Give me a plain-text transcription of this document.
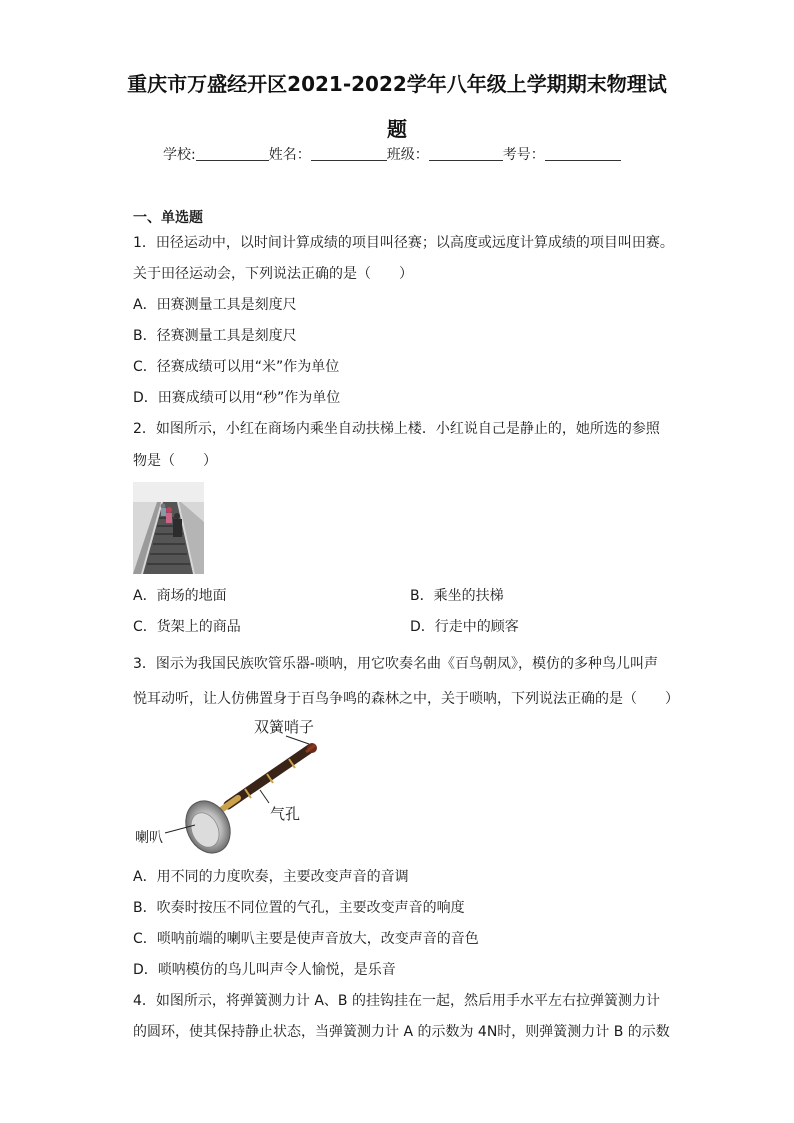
重庆市万盛经开区2021-2022学年八年级上学期期末物理试
题
学校:	姓名：	班级：	考号：
一、单选题
1．田径运动中，以时间计算成绩的项目叫径赛；以高度或远度计算成绩的项目叫田赛。
关于田径运动会，下列说法正确的是（　　）
A．田赛测量工具是刻度尺
B．径赛测量工具是刻度尺
C．径赛成绩可以用“米”作为单位
D．田赛成绩可以用“秒”作为单位
2．如图所示，小红在商场内乘坐自动扶梯上楼．小红说自己是静止的，她所选的参照
物是（　　）
A．商场的地面	B．乘坐的扶梯
C．货架上的商品	D．行走中的顾客
3．图示为我国民族吹管乐器-唢呐，用它吹奏名曲《百鸟朝凤》，模仿的多种鸟儿叫声
悦耳动听，让人仿佛置身于百鸟争鸣的森林之中，关于唢呐，下列说法正确的是（　　）
双簧哨子
气孔
喇叭
A．用不同的力度吹奏，主要改变声音的音调
B．吹奏时按压不同位置的气孔，主要改变声音的响度
C．唢呐前端的喇叭主要是使声音放大，改变声音的音色
D．唢呐模仿的鸟儿叫声令人愉悦，是乐音
4．如图所示，将弹簧测力计 A、B 的挂钩挂在一起，然后用手水平左右拉弹簧测力计
的圆环，使其保持静止状态，当弹簧测力计 A 的示数为 4N时，则弹簧测力计 B 的示数
